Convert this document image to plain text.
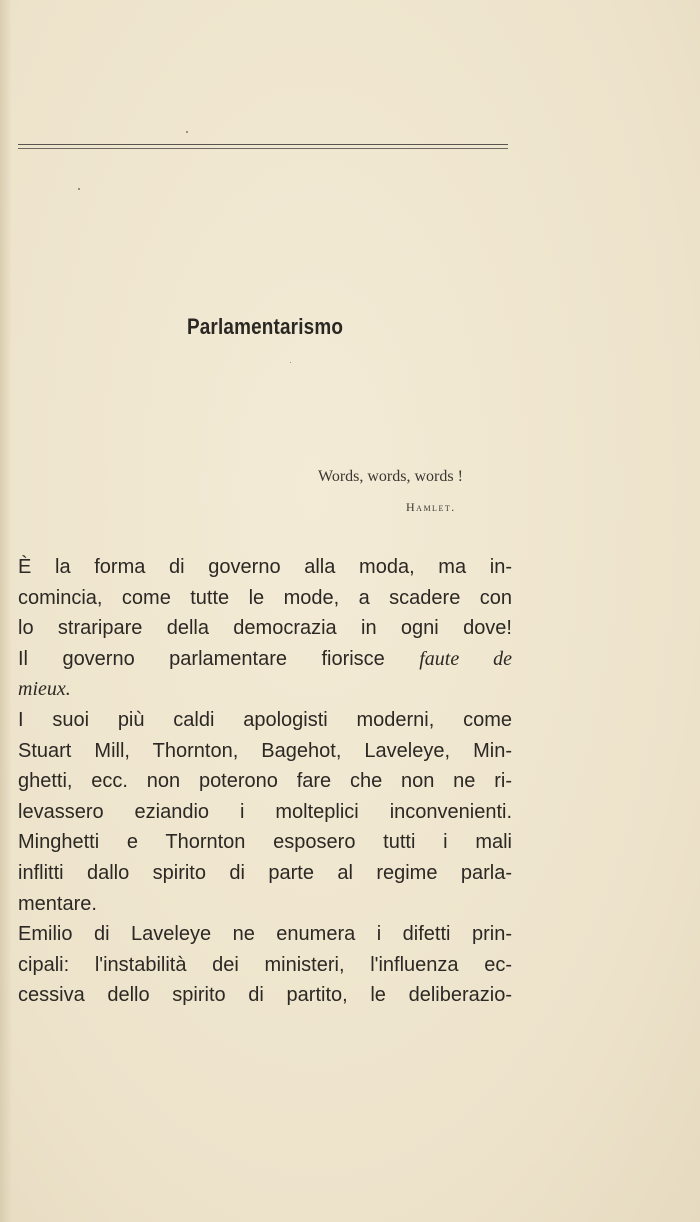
Parlamentarismo
Words, words, words !
Hamlet.
È la forma di governo alla moda, ma in-
comincia, come tutte le mode, a scadere con
lo straripare della democrazia in ogni dove!
Il governo parlamentare fiorisce faute de
mieux.
I suoi più caldi apologisti moderni, come
Stuart Mill, Thornton, Bagehot, Laveleye, Min-
ghetti, ecc. non poterono fare che non ne ri-
levassero eziandio i molteplici inconvenienti.
Minghetti e Thornton esposero tutti i mali
inflitti dallo spirito di parte al regime parla-
mentare.
Emilio di Laveleye ne enumera i difetti prin-
cipali: l'instabilità dei ministeri, l'influenza ec-
cessiva dello spirito di partito, le deliberazio-
